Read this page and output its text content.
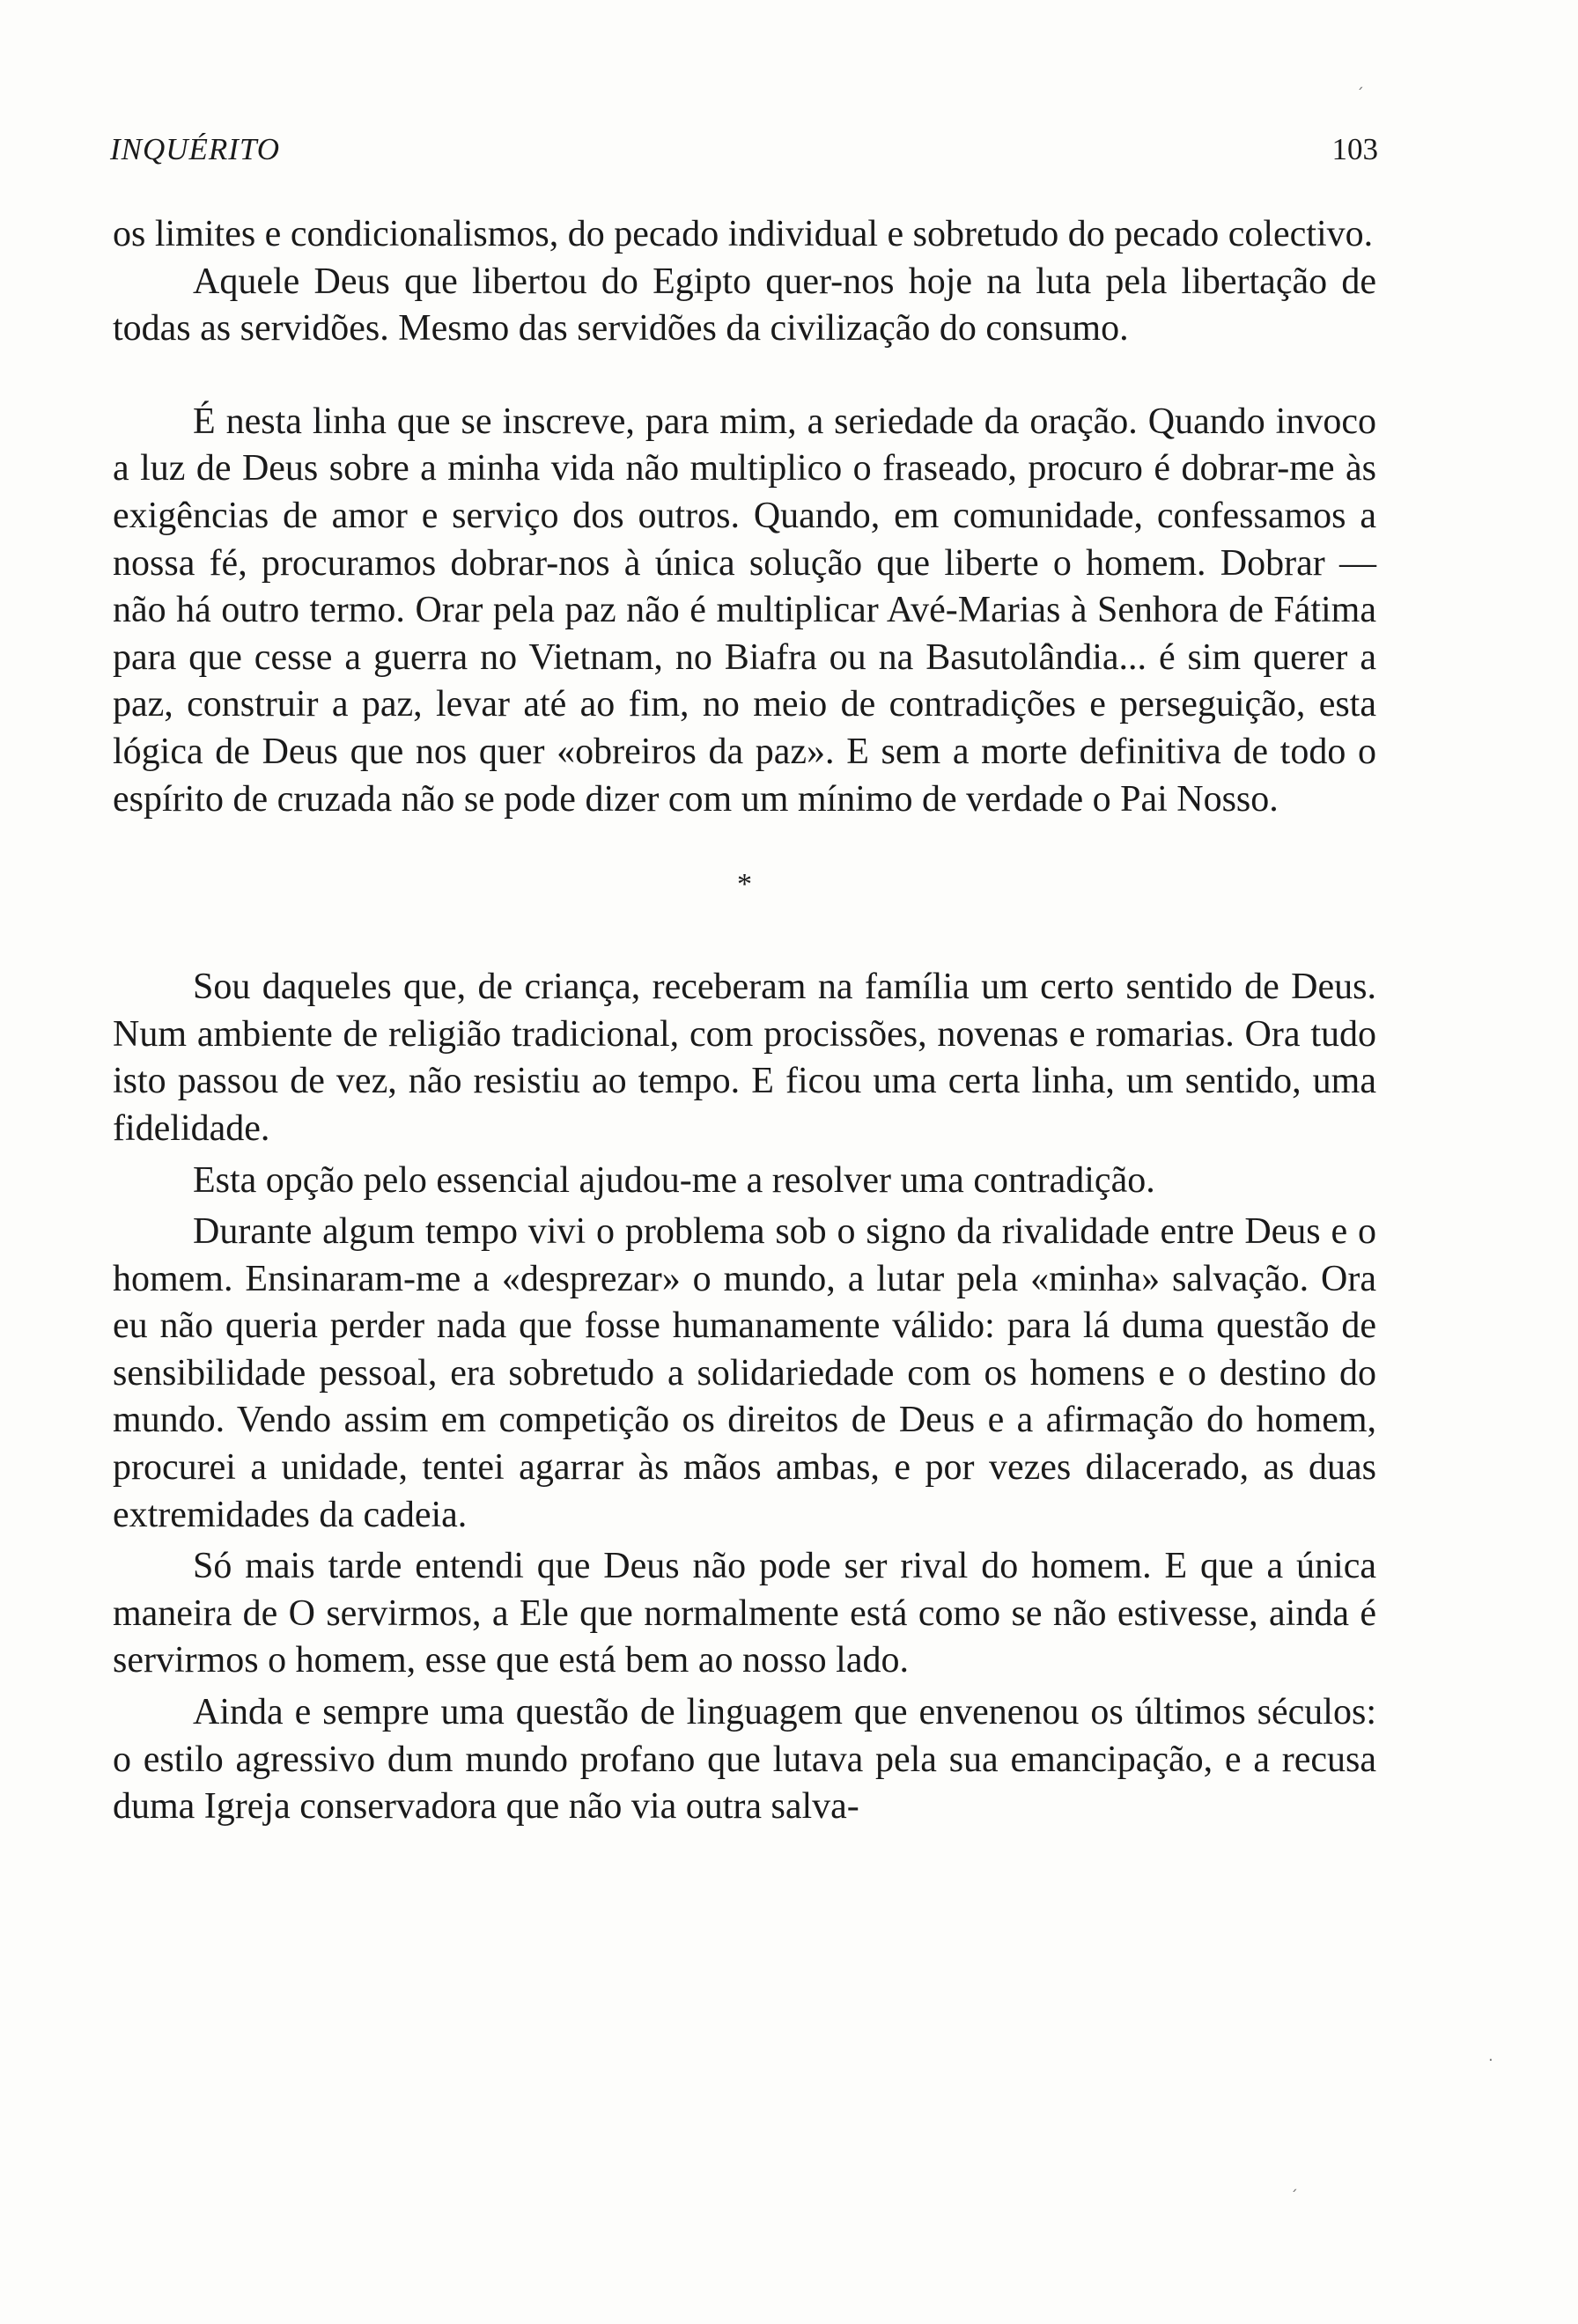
INQUÉRITO	103

os limites e condicionalismos, do pecado individual e sobretudo do pecado colectivo.

Aquele Deus que libertou do Egipto quer-nos hoje na luta pela libertação de todas as servidões. Mesmo das servidões da civilização do consumo.

É nesta linha que se inscreve, para mim, a seriedade da oração. Quando invoco a luz de Deus sobre a minha vida não multiplico o fraseado, procuro é dobrar-me às exigências de amor e serviço dos outros. Quando, em comunidade, confessamos a nossa fé, procuramos dobrar-nos à única solução que liberte o homem. Dobrar — não há outro termo. Orar pela paz não é multiplicar Avé-Marias à Senhora de Fátima para que cesse a guerra no Vietnam, no Biafra ou na Basutolândia... é sim querer a paz, construir a paz, levar até ao fim, no meio de contradições e perseguição, esta lógica de Deus que nos quer «obreiros da paz». E sem a morte definitiva de todo o espírito de cruzada não se pode dizer com um mínimo de verdade o Pai Nosso.

*

Sou daqueles que, de criança, receberam na família um certo sentido de Deus. Num ambiente de religião tradicional, com procissões, novenas e romarias. Ora tudo isto passou de vez, não resistiu ao tempo. E ficou uma certa linha, um sentido, uma fidelidade.

Esta opção pelo essencial ajudou-me a resolver uma contradição.

Durante algum tempo vivi o problema sob o signo da rivalidade entre Deus e o homem. Ensinaram-me a «desprezar» o mundo, a lutar pela «minha» salvação. Ora eu não queria perder nada que fosse humanamente válido: para lá duma questão de sensibilidade pessoal, era sobretudo a solidariedade com os homens e o destino do mundo. Vendo assim em competição os direitos de Deus e a afirmação do homem, procurei a unidade, tentei agarrar às mãos ambas, e por vezes dilacerado, as duas extremidades da cadeia.

Só mais tarde entendi que Deus não pode ser rival do homem. E que a única maneira de O servirmos, a Ele que normalmente está como se não estivesse, ainda é servirmos o homem, esse que está bem ao nosso lado.

Ainda e sempre uma questão de linguagem que envenenou os últimos séculos: o estilo agressivo dum mundo profano que lutava pela sua emancipação, e a recusa duma Igreja conservadora que não via outra salva-

ˏ
·
ˏ
